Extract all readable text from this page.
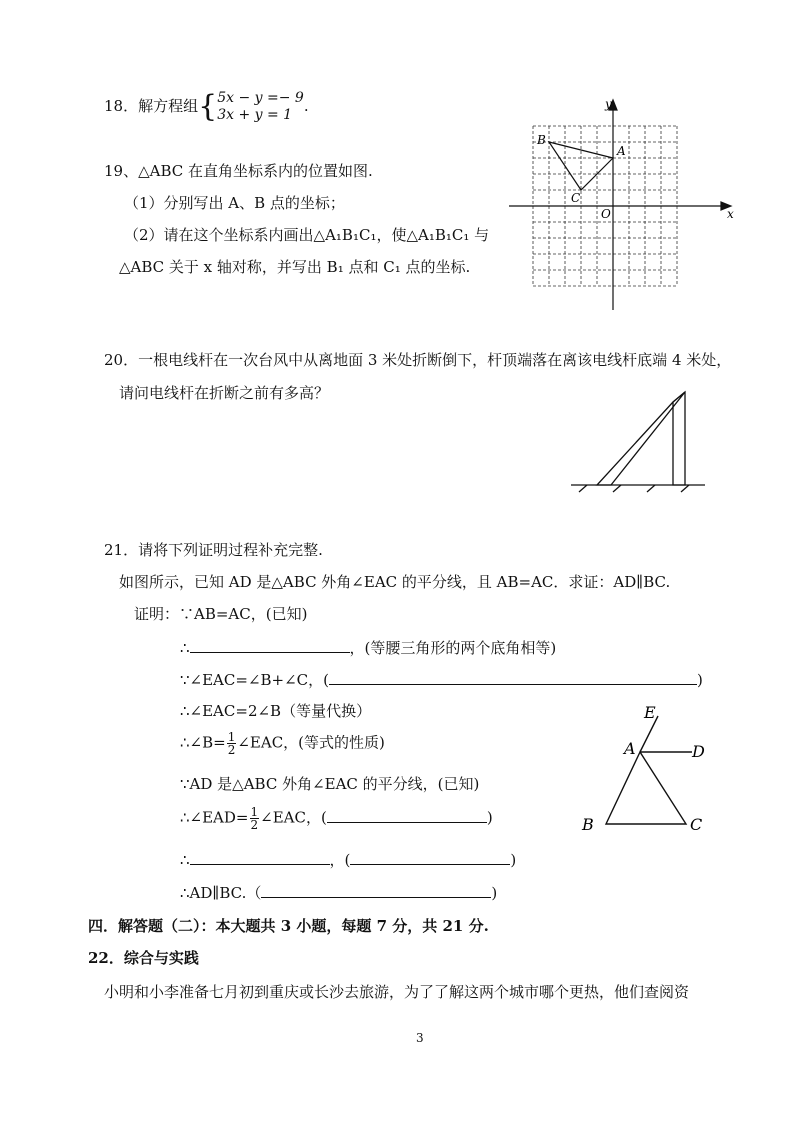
18．解方程组{ 5x − y =− 9
3x + y = 1 .
19、△ABC 在直角坐标系内的位置如图.
（1）分别写出 A、B 点的坐标；
（2）请在这个坐标系内画出△A₁B₁C₁，使△A₁B₁C₁ 与
△ABC 关于 x 轴对称，并写出 B₁ 点和 C₁ 点的坐标.
y
x
O
A
B
C
20．一根电线杆在一次台风中从离地面 3 米处折断倒下，杆顶端落在离该电线杆底端 4 米处，
请问电线杆在折断之前有多高？
21．请将下列证明过程补充完整.
如图所示，已知 AD 是△ABC 外角∠EAC 的平分线，且 AB=AC．求证：AD∥BC.
证明：∵AB=AC，(已知)
∴	，(等腰三角形的两个底角相等)
∵∠EAC=∠B+∠C，(	)
∴∠EAC=2∠B（等量代换）
∴∠B= $\frac{1}{2}$ ∠EAC，(等式的性质)
∵AD 是△ABC 外角∠EAC 的平分线，(已知)
∴∠EAD= $\frac{1}{2}$ ∠EAC，(	)
∴	，(	)
∴AD∥BC.（	)
E
A	D
B	C
四．解答题（二）：本大题共 3 小题，每题 7 分，共 21 分.
22．综合与实践
小明和小李准备七月初到重庆或长沙去旅游，为了了解这两个城市哪个更热，他们查阅资
3
